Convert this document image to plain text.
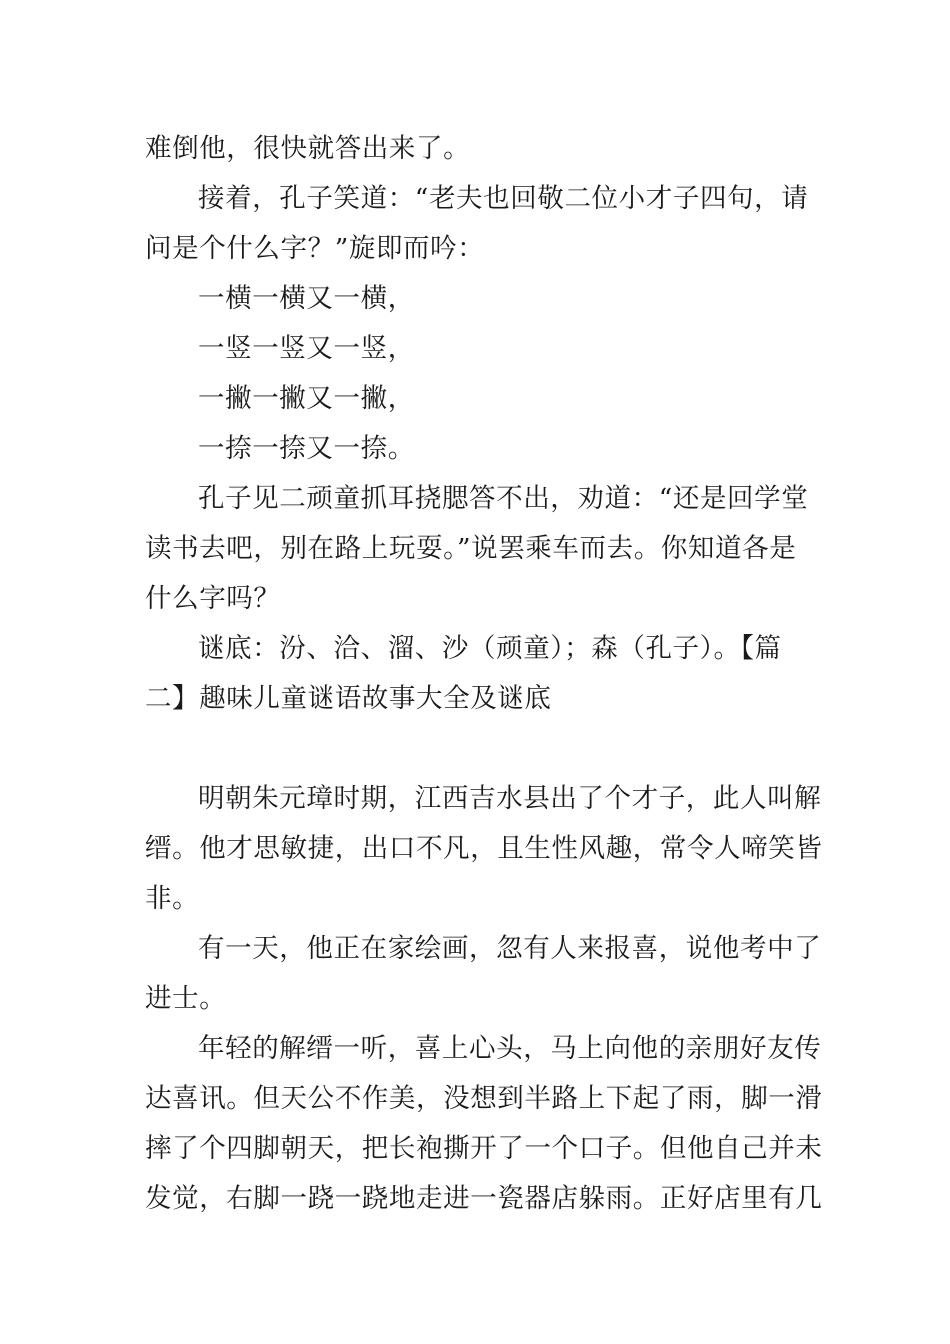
难倒他，很快就答出来了。
接着，孔子笑道：“老夫也回敬二位小才子四句，请
问是个什么字？”旋即而吟：
一横一横又一横，
一竖一竖又一竖，
一撇一撇又一撇，
一捺一捺又一捺。
孔子见二顽童抓耳挠腮答不出，劝道：“还是回学堂
读书去吧，别在路上玩耍。”说罢乘车而去。你知道各是
什么字吗？
谜底：汾、洽、溜、沙（顽童）；森（孔子）。【篇
二】趣味儿童谜语故事大全及谜底
明朝朱元璋时期，江西吉水县出了个才子，此人叫解
缙。他才思敏捷，出口不凡，且生性风趣，常令人啼笑皆
非。
有一天，他正在家绘画，忽有人来报喜，说他考中了
进士。
年轻的解缙一听，喜上心头，马上向他的亲朋好友传
达喜讯。但天公不作美，没想到半路上下起了雨，脚一滑
摔了个四脚朝天，把长袍撕开了一个口子。但他自己并未
发觉，右脚一跷一跷地走进一瓷器店躲雨。正好店里有几
